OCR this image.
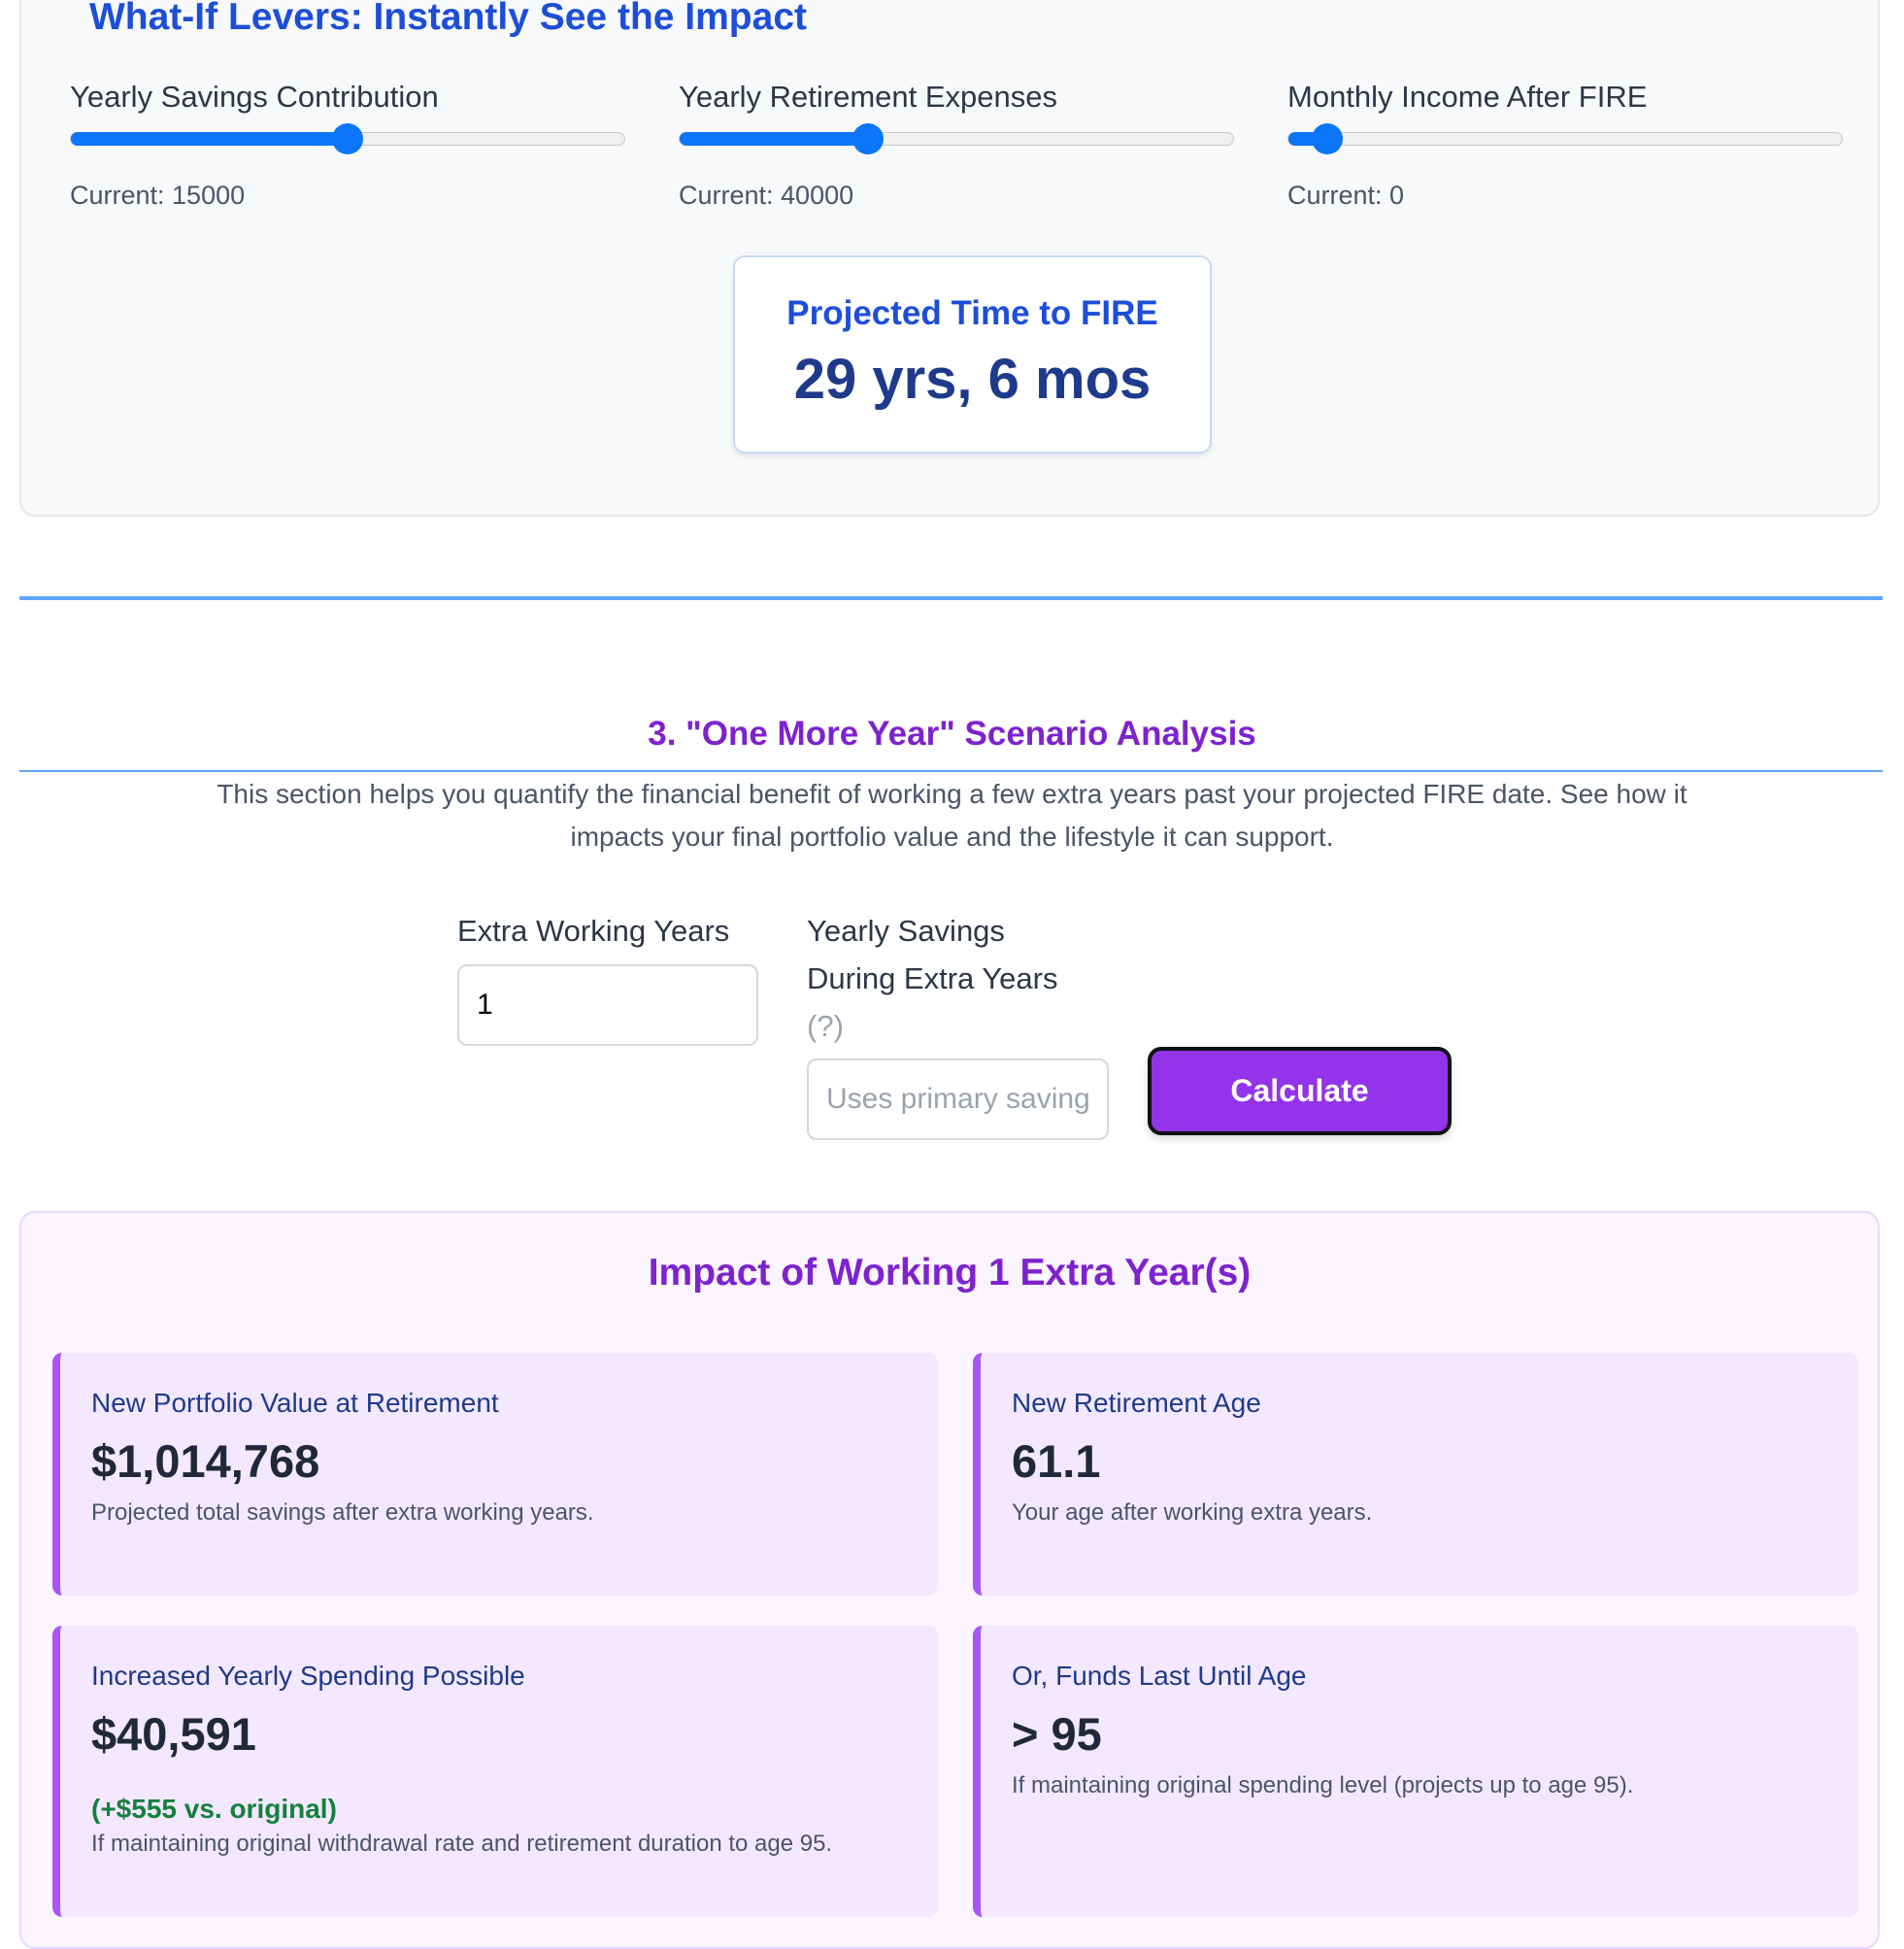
What-If Levers: Instantly See the Impact
Yearly Savings Contribution
Current: 15000
Yearly Retirement Expenses
Current: 40000
Monthly Income After FIRE
Current: 0
Projected Time to FIRE
29 yrs, 6 mos
3. "One More Year" Scenario Analysis

This section helps you quantify the financial benefit of working a few extra years past your projected FIRE date. See how it impacts your final portfolio value and the lifestyle it can support.

Extra Working Years
1	Yearly Savings
During Extra Years
(?)
Uses primary savings
Calculate
Impact of Working 1 Extra Year(s)
New Portfolio Value at Retirement
$1,014,768
Projected total savings after extra working years.
New Retirement Age
61.1
Your age after working extra years.
Increased Yearly Spending Possible
$40,591
(+$555 vs. original)
If maintaining original withdrawal rate and retirement duration to age 95.
Or, Funds Last Until Age
> 95
If maintaining original spending level (projects up to age 95).
